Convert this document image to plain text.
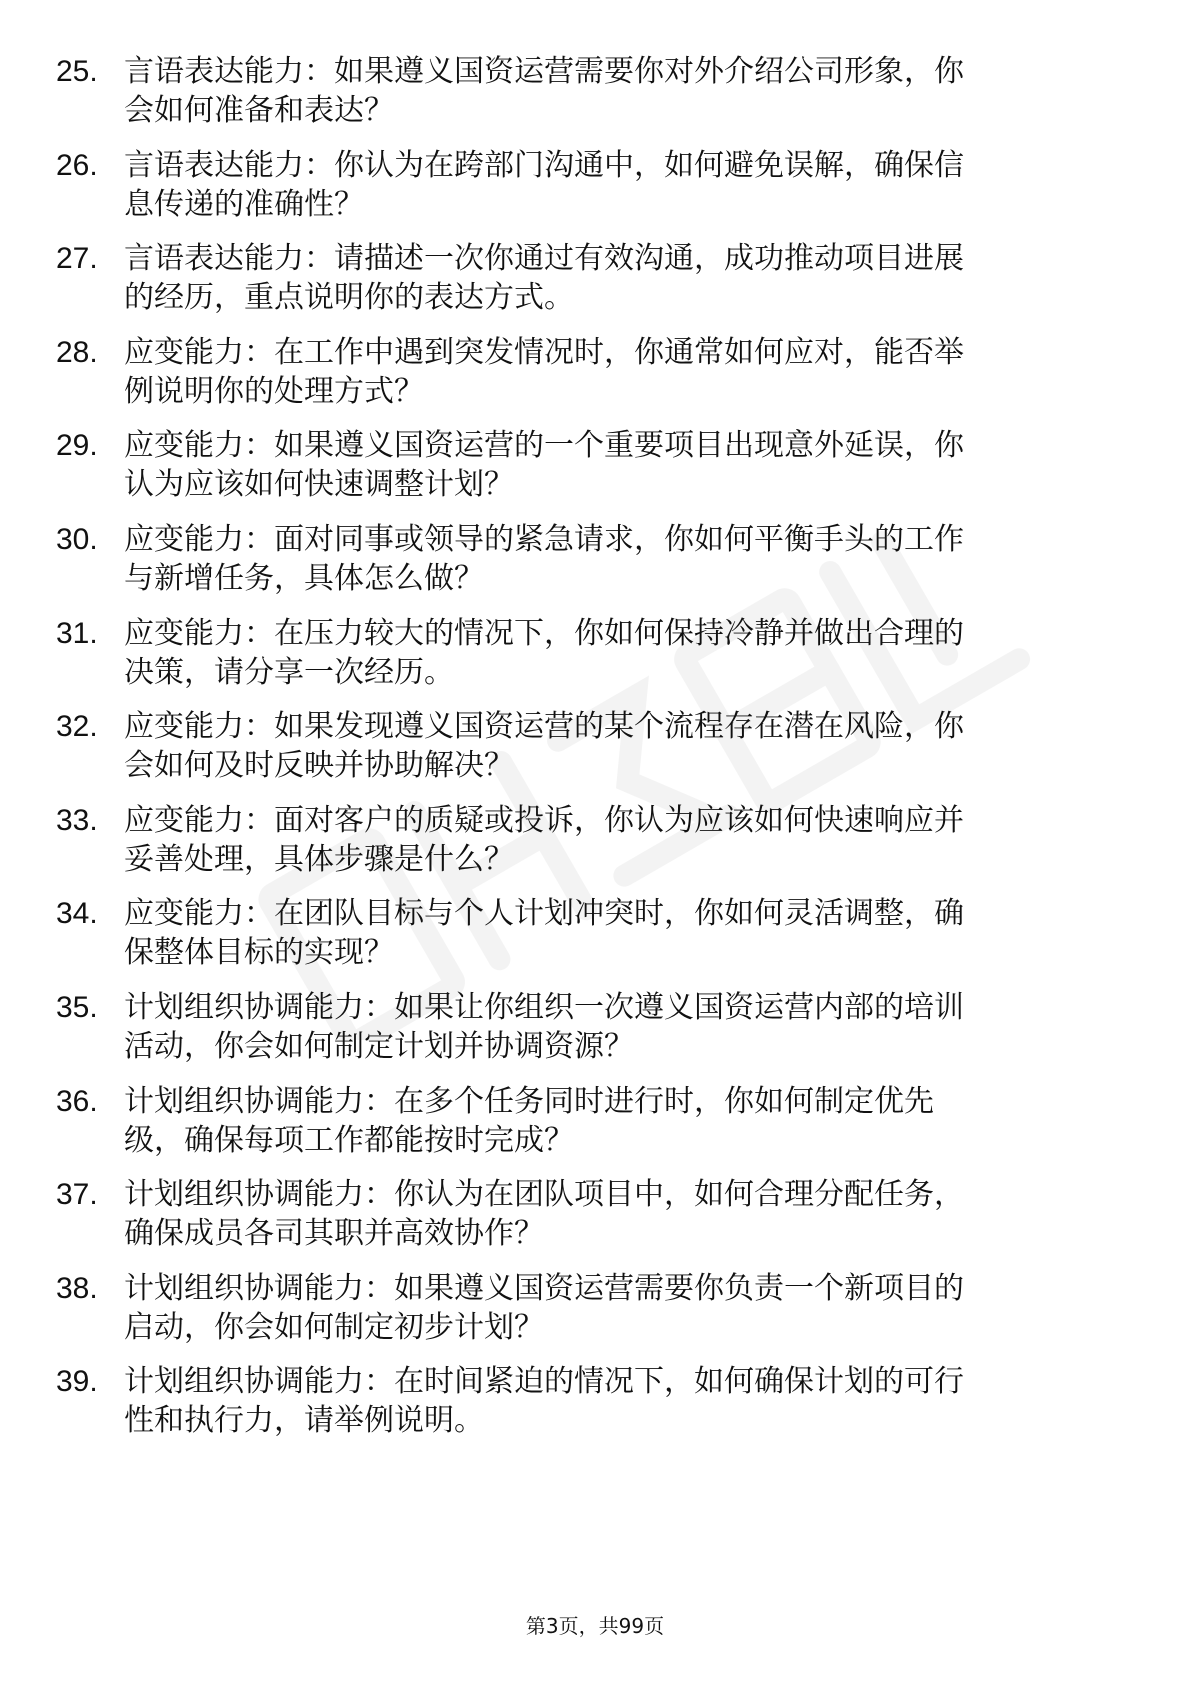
25. 言语表达能力：如果遵义国资运营需要你对外介绍公司形象，你
会如何准备和表达？
26. 言语表达能力：你认为在跨部门沟通中，如何避免误解，确保信
息传递的准确性？
27. 言语表达能力：请描述一次你通过有效沟通，成功推动项目进展
的经历，重点说明你的表达方式。
28. 应变能力：在工作中遇到突发情况时，你通常如何应对，能否举
例说明你的处理方式？
29. 应变能力：如果遵义国资运营的一个重要项目出现意外延误，你
认为应该如何快速调整计划？
30. 应变能力：面对同事或领导的紧急请求，你如何平衡手头的工作
与新增任务，具体怎么做？
31. 应变能力：在压力较大的情况下，你如何保持冷静并做出合理的
决策，请分享一次经历。
32. 应变能力：如果发现遵义国资运营的某个流程存在潜在风险，你
会如何及时反映并协助解决？
33. 应变能力：面对客户的质疑或投诉，你认为应该如何快速响应并
妥善处理，具体步骤是什么？
34. 应变能力：在团队目标与个人计划冲突时，你如何灵活调整，确
保整体目标的实现？
35. 计划组织协调能力：如果让你组织一次遵义国资运营内部的培训
活动，你会如何制定计划并协调资源？
36. 计划组织协调能力：在多个任务同时进行时，你如何制定优先
级，确保每项工作都能按时完成？
37. 计划组织协调能力：你认为在团队项目中，如何合理分配任务，
确保成员各司其职并高效协作？
38. 计划组织协调能力：如果遵义国资运营需要你负责一个新项目的
启动，你会如何制定初步计划？
39. 计划组织协调能力：在时间紧迫的情况下，如何确保计划的可行
性和执行力，请举例说明。
第3页，共99页
